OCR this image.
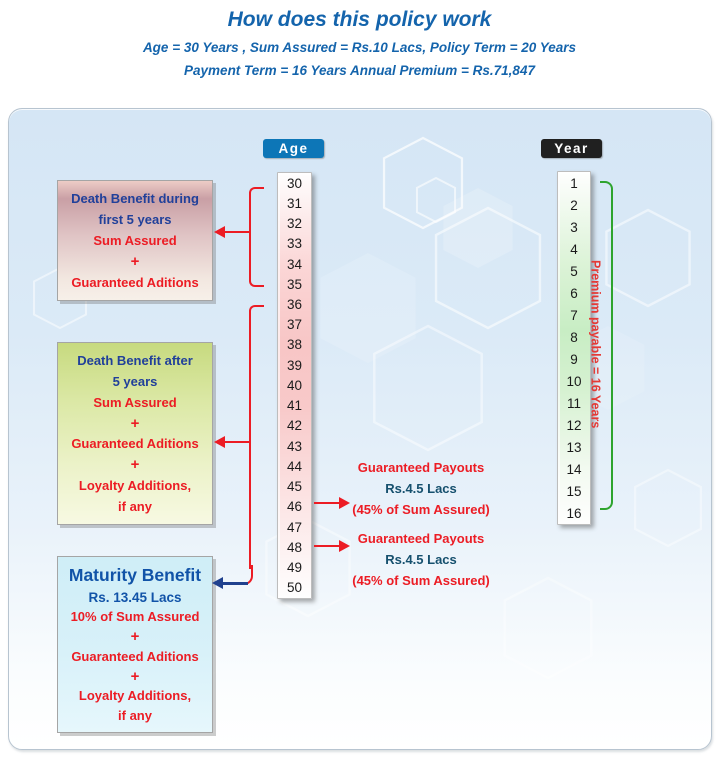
How does this policy work
Age = 30 Years , Sum Assured = Rs.10 Lacs, Policy Term = 20 Years
Payment Term = 16 Years Annual Premium = Rs.71,847
Age	Year
30
31
32
33
34
35
36
37
38
39
40
41
42
43
44
45
46
47
48
49
50
1
2
3
4
5
6
7
8
9
10
11
12
13
14
15
16
Death Benefit during
first 5 years
Sum Assured
+
Guaranteed Aditions
Death Benefit after
5 years
Sum Assured
+
Guaranteed Aditions
+
Loyalty Additions,
if any
Maturity Benefit
Rs. 13.45 Lacs
10% of Sum Assured
+
Guaranteed Aditions
+
Loyalty Additions,
if any
Guaranteed Payouts
Rs.4.5 Lacs
(45% of Sum Assured)
Guaranteed Payouts
Rs.4.5 Lacs
(45% of Sum Assured)
Premium payable = 16 Years
